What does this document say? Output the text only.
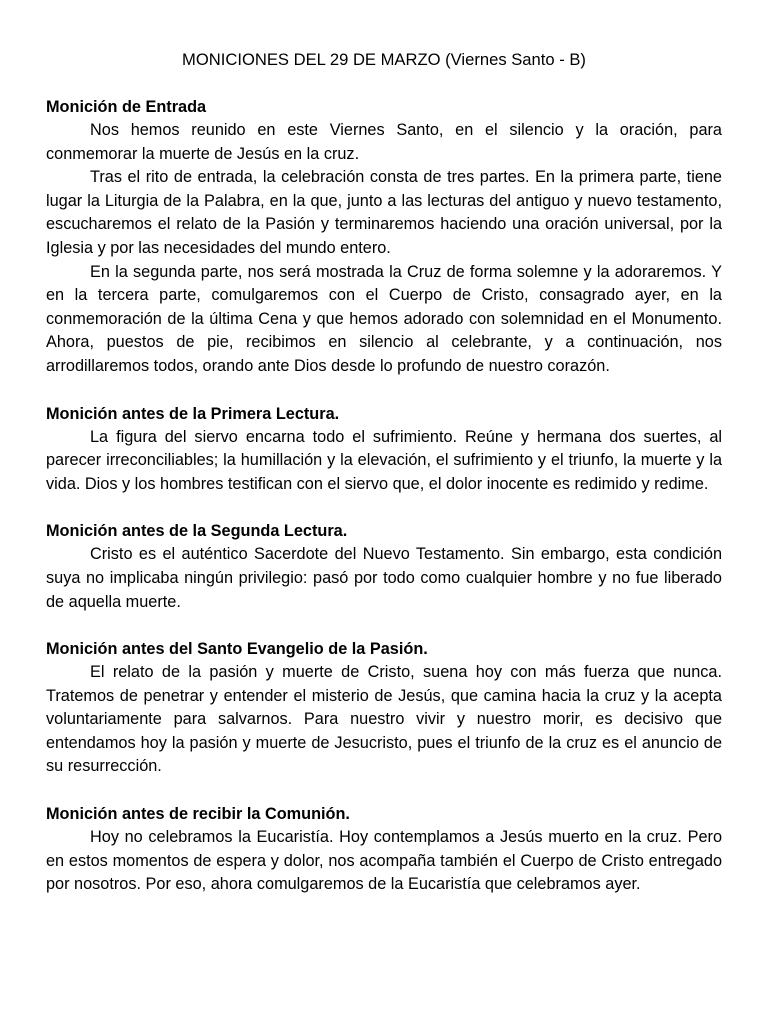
MONICIONES DEL 29 DE MARZO (Viernes Santo - B)

Monición de Entrada

Nos hemos reunido en este Viernes Santo, en el silencio y la oración, para conmemorar la muerte de Jesús en la cruz.

Tras el rito de entrada, la celebración consta de tres partes. En la primera parte, tiene lugar la Liturgia de la Palabra, en la que, junto a las lecturas del antiguo y nuevo testamento, escucharemos el relato de la Pasión y terminaremos haciendo una oración universal, por la Iglesia y por las necesidades del mundo entero.

En la segunda parte, nos será mostrada la Cruz de forma solemne y la adoraremos. Y en la tercera parte, comulgaremos con el Cuerpo de Cristo, consagrado ayer, en la conmemoración de la última Cena y que hemos adorado con solemnidad en el Monumento. Ahora, puestos de pie, recibimos en silencio al celebrante, y a continuación, nos arrodillaremos todos, orando ante Dios desde lo profundo de nuestro corazón.

Monición antes de la Primera Lectura.

La figura del siervo encarna todo el sufrimiento. Reúne y hermana dos suertes, al parecer irreconciliables; la humillación y la elevación, el sufrimiento y el triunfo, la muerte y la vida. Dios y los hombres testifican con el siervo que, el dolor inocente es redimido y redime.

Monición antes de la Segunda Lectura.

Cristo es el auténtico Sacerdote del Nuevo Testamento. Sin embargo, esta condición suya no implicaba ningún privilegio: pasó por todo como cualquier hombre y no fue liberado de aquella muerte.

Monición antes del Santo Evangelio de la Pasión.

El relato de la pasión y muerte de Cristo, suena hoy con más fuerza que nunca. Tratemos de penetrar y entender el misterio de Jesús, que camina hacia la cruz y la acepta voluntariamente para salvarnos. Para nuestro vivir y nuestro morir, es decisivo que entendamos hoy la pasión y muerte de Jesucristo, pues el triunfo de la cruz es el anuncio de su resurrección.

Monición antes de recibir la Comunión.

Hoy no celebramos la Eucaristía. Hoy contemplamos a Jesús muerto en la cruz. Pero en estos momentos de espera y dolor, nos acompaña también el Cuerpo de Cristo entregado por nosotros. Por eso, ahora comulgaremos de la Eucaristía que celebramos ayer.
